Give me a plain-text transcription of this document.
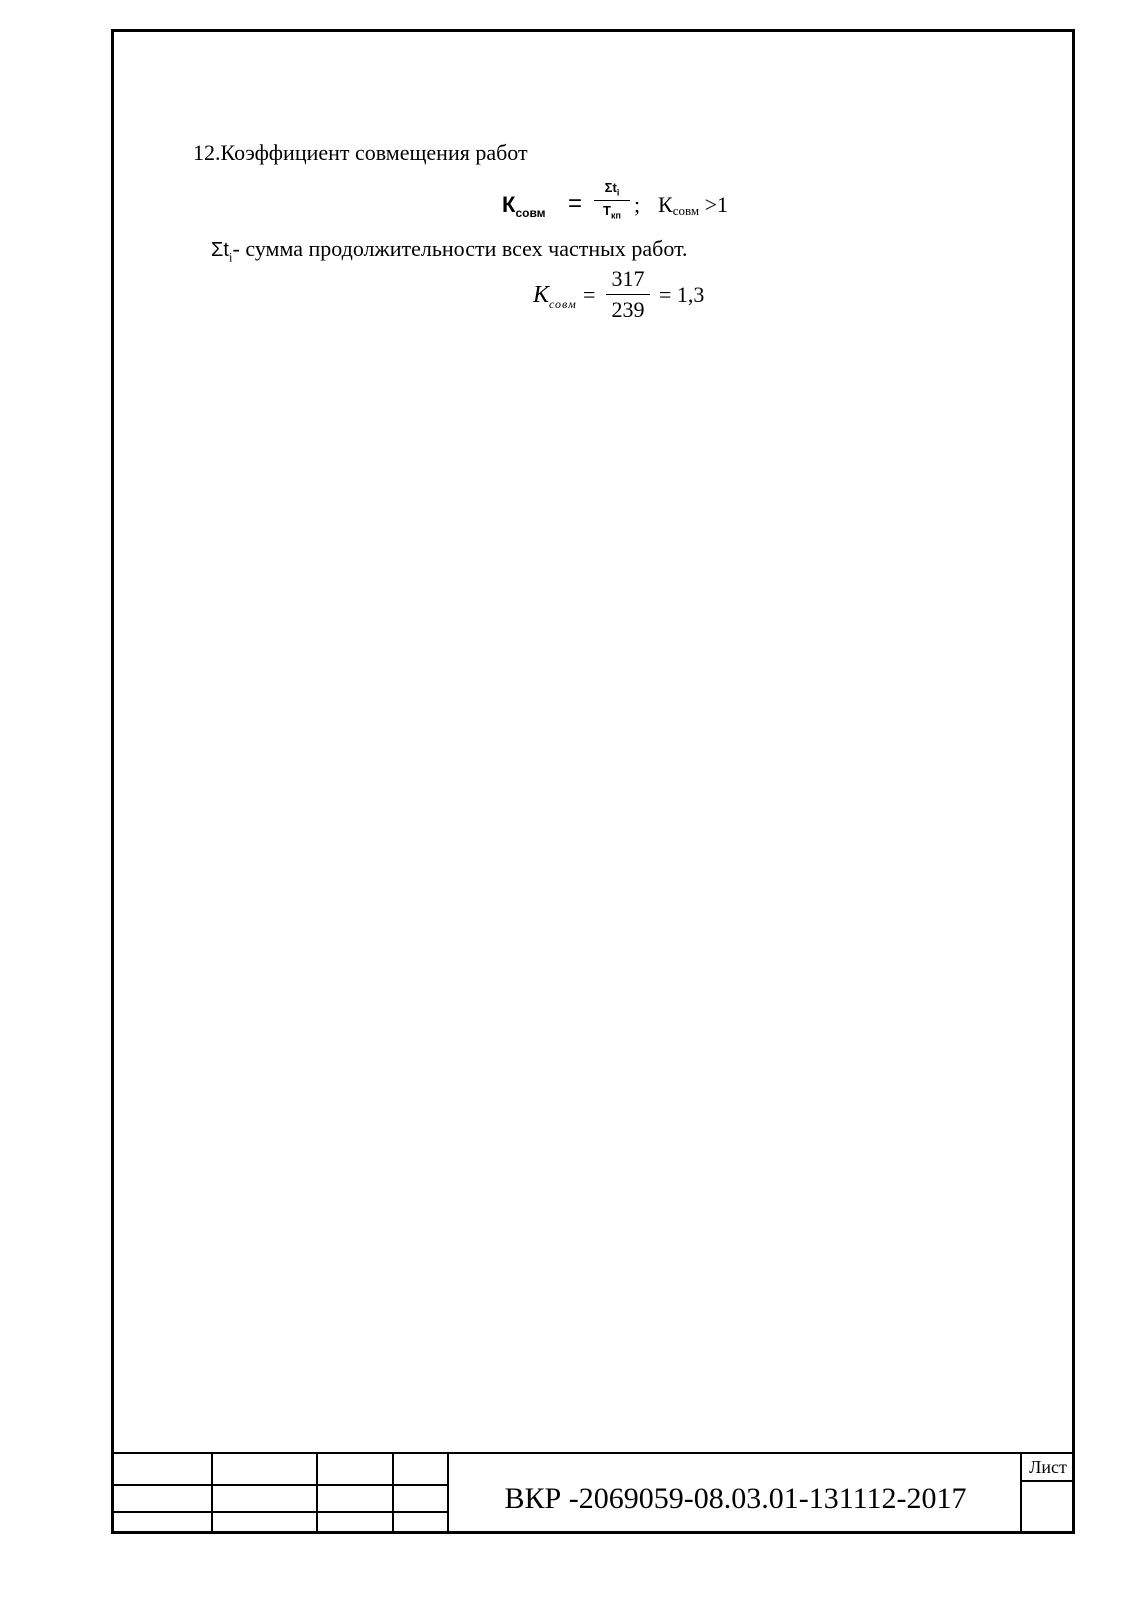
12.Коэффициент совмещения работ
$К_{совм}$ =
$\Sigma t_i$
$Т_{кп}$ ; $К_{совм} >1$
$\Sigma t_i-$ сумма продолжительности всех частных работ.
$К_{совм} = \frac{317}{239} = 1,3$
Лист
ВКР -2069059-08.03.01-131112-2017
